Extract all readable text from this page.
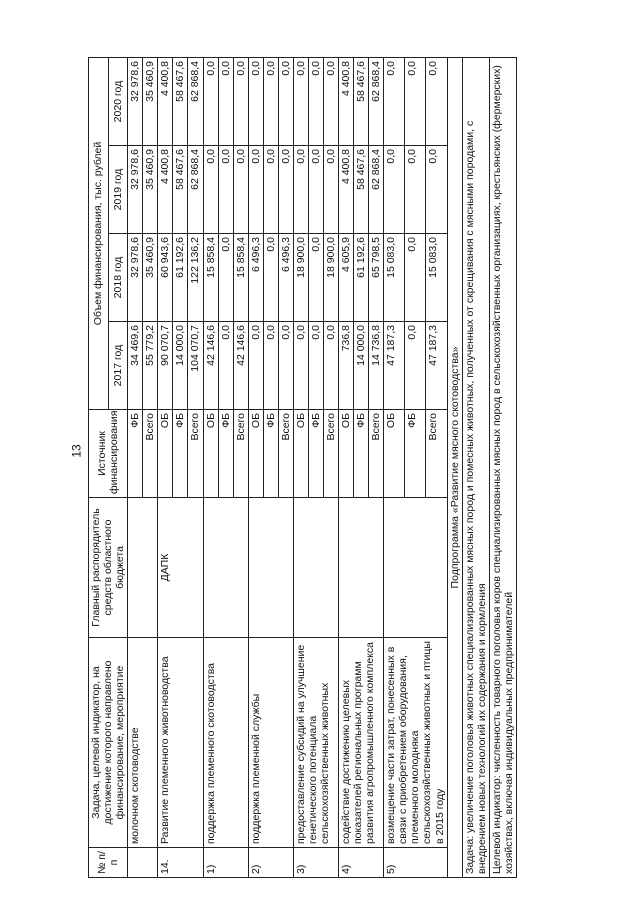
13
№ п/п	Задача, целевой индикатор, на достижение которого направлено финансирование, мероприятие	Главный распорядитель средств областного бюджета	Источник финансирования	Объем финансирования, тыс. рублей			
				2017 год	2018 год	2019 год	2020 год
	молочном скотоводстве		ФБ	34 469,6	32 978,6	32 978,6	32 978,6
			Всего	55 779,2	35 460,9	35 460,9	35 460,9
14.	Развитие племенного животноводства	ДАПК	ОБ	90 070,7	60 943,6	4 400,8	4 400,8
			ФБ	14 000,0	61 192,6	58 467,6	58 467,6
			Всего	104 070,7	122 136,2	62 868,4	62 868,4
1)	поддержка племенного скотоводства		ОБ	42 146,6	15 858,4	0,0	0,0
			ФБ	0,0	0,0	0,0	0,0
			Всего	42 146,6	15 858,4	0,0	0,0
2)	поддержка племенной службы		ОБ	0,0	6 496,3	0,0	0,0
			ФБ	0,0	0,0	0,0	0,0
			Всего	0,0	6 496,3	0,0	0,0
3)	предоставление субсидий на улучшение генетического потенциала сельскохозяйственных животных		ОБ	0,0	18 900,0	0,0	0,0
			ФБ	0,0	0,0	0,0	0,0
			Всего	0,0	18 900,0	0,0	0,0
4)	содействие достижению целевых показателей региональных программ развития агропромышленного комплекса		ОБ	736,8	4 605,9	4 400,8	4 400,8
			ФБ	14 000,0	61 192,6	58 467,6	58 467,6
			Всего	14 736,8	65 798,5	62 868,4	62 868,4
5)	возмещение части затрат, понесенных в связи с приобретением оборудования, племенного молодняка сельскохозяйственных животных и птицы в 2015 году		ОБ	47 187,3	15 083,0	0,0	0,0
			ФБ	0,0	0,0	0,0	0,0
			Всего	47 187,3	15 083,0	0,0	0,0
Подпрограмма «Развитие мясного скотоводства»							
Задача: увеличение поголовья животных специализированных мясных пород и помесных животных, полученных от скрещивания с мясными породами, с внедрением новых технологий их содержания и кормления							
Целевой индикатор: численность товарного поголовья коров специализированных мясных пород в сельскохозяйственных организациях, крестьянских (фермерских) хозяйствах, включая индивидуальных предпринимателей							
